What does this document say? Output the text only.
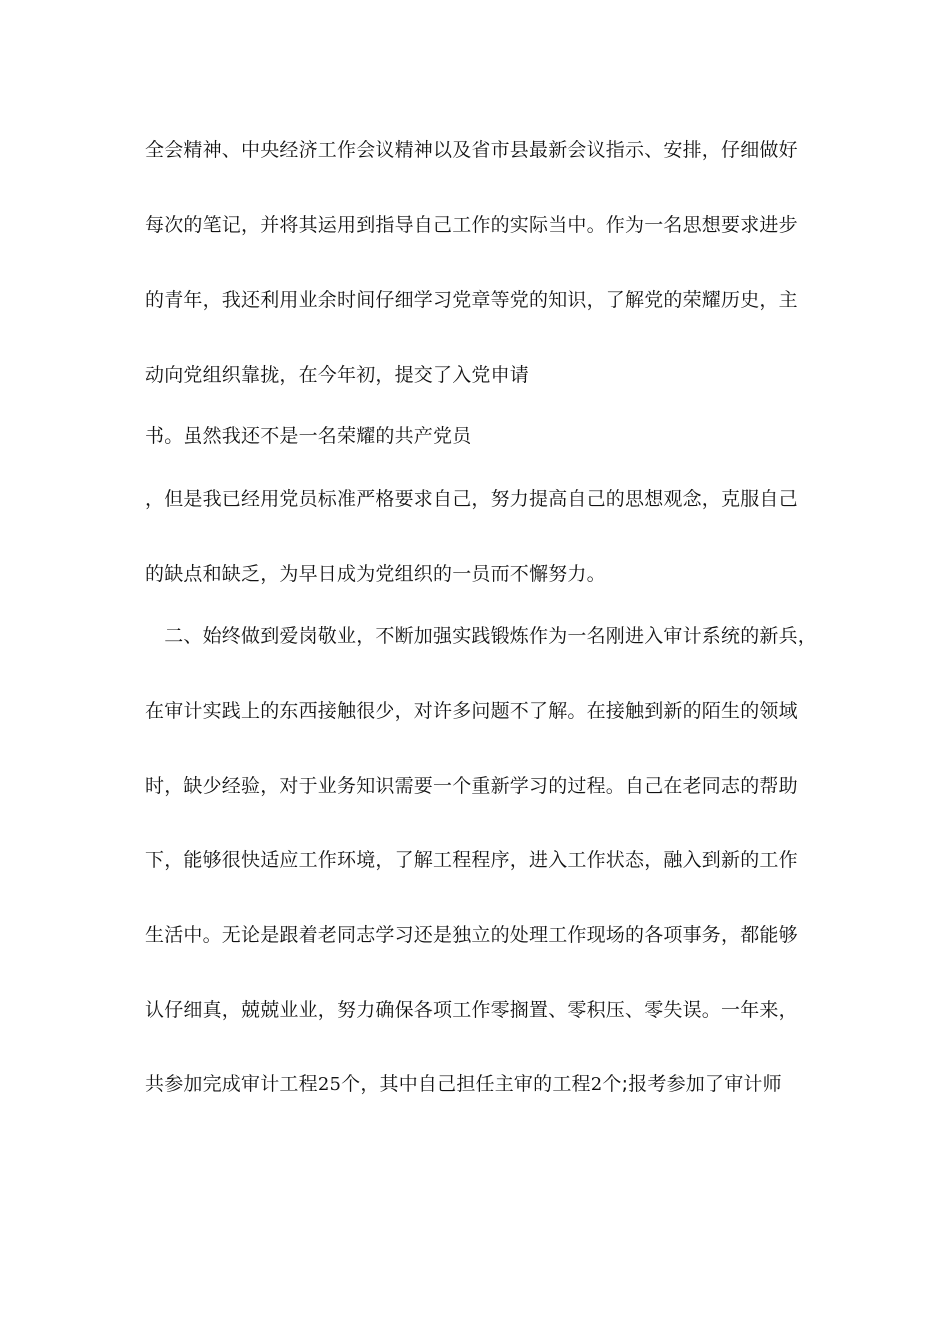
全会精神、中央经济工作会议精神以及省市县最新会议指示、安排，仔细做好
每次的笔记，并将其运用到指导自己工作的实际当中。作为一名思想要求进步
的青年，我还利用业余时间仔细学习党章等党的知识，了解党的荣耀历史，主
动向党组织靠拢，在今年初，提交了入党申请
书。虽然我还不是一名荣耀的共产党员
，但是我已经用党员标准严格要求自己，努力提高自己的思想观念，克服自己
的缺点和缺乏，为早日成为党组织的一员而不懈努力。
　二、始终做到爱岗敬业，不断加强实践锻炼作为一名刚进入审计系统的新兵，
在审计实践上的东西接触很少，对许多问题不了解。在接触到新的陌生的领域
时，缺少经验，对于业务知识需要一个重新学习的过程。自己在老同志的帮助
下，能够很快适应工作环境，了解工程程序，进入工作状态，融入到新的工作
生活中。无论是跟着老同志学习还是独立的处理工作现场的各项事务，都能够
认仔细真，兢兢业业，努力确保各项工作零搁置、零积压、零失误。一年来，
共参加完成审计工程25个，其中自己担任主审的工程2个;报考参加了审计师
